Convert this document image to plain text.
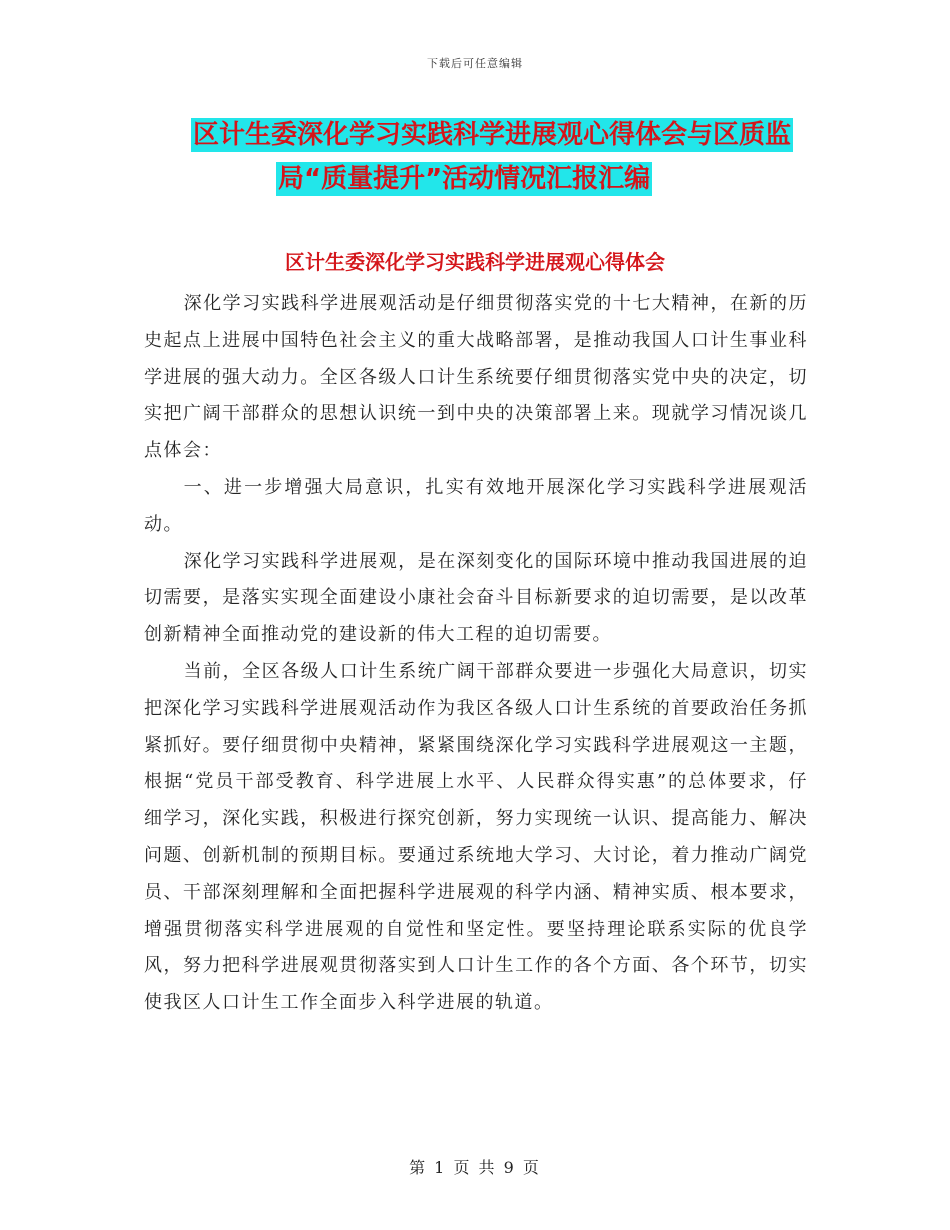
下载后可任意编辑
区计生委深化学习实践科学进展观心得体会与区质监
局“质量提升”活动情况汇报汇编
区计生委深化学习实践科学进展观心得体会

深化学习实践科学进展观活动是仔细贯彻落实党的十七大精神，在新的历史起点上进展中国特色社会主义的重大战略部署，是推动我国人口计生事业科学进展的强大动力。全区各级人口计生系统要仔细贯彻落实党中央的决定，切实把广阔干部群众的思想认识统一到中央的决策部署上来。现就学习情况谈几点体会：

一、进一步增强大局意识，扎实有效地开展深化学习实践科学进展观活动。

深化学习实践科学进展观，是在深刻变化的国际环境中推动我国进展的迫切需要，是落实实现全面建设小康社会奋斗目标新要求的迫切需要，是以改革创新精神全面推动党的建设新的伟大工程的迫切需要。

当前，全区各级人口计生系统广阔干部群众要进一步强化大局意识，切实把深化学习实践科学进展观活动作为我区各级人口计生系统的首要政治任务抓紧抓好。要仔细贯彻中央精神，紧紧围绕深化学习实践科学进展观这一主题，根据“党员干部受教育、科学进展上水平、人民群众得实惠”的总体要求，仔细学习，深化实践，积极进行探究创新，努力实现统一认识、提高能力、解决问题、创新机制的预期目标。要通过系统地大学习、大讨论，着力推动广阔党员、干部深刻理解和全面把握科学进展观的科学内涵、精神实质、根本要求，增强贯彻落实科学进展观的自觉性和坚定性。要坚持理论联系实际的优良学风，努力把科学进展观贯彻落实到人口计生工作的各个方面、各个环节，切实使我区人口计生工作全面步入科学进展的轨道。

第 1 页 共 9 页
